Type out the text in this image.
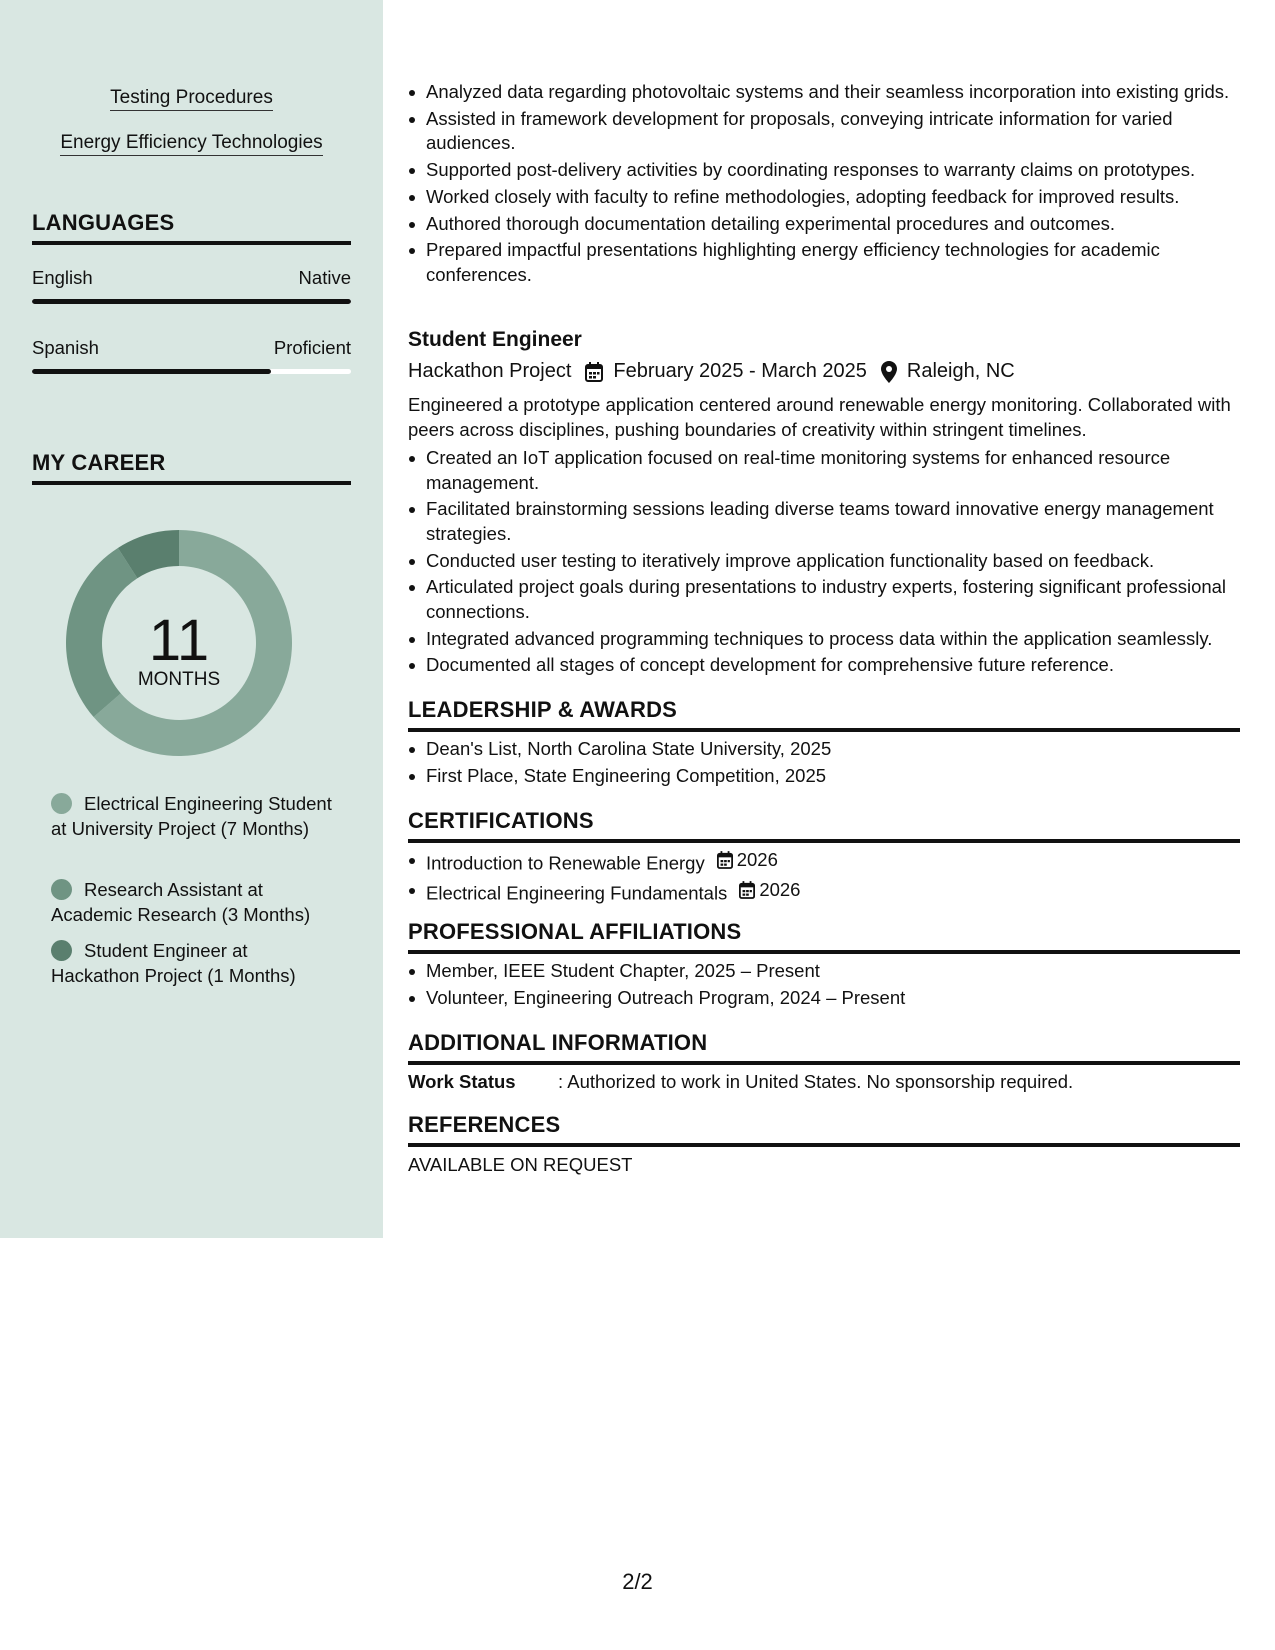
Testing Procedures
Energy Efficiency Technologies
LANGUAGES
English	Native
Spanish	Proficient
MY CAREER
11
MONTHS
Electrical Engineering Student at University Project (7 Months)
Research Assistant at Academic Research (3 Months)
Student Engineer at Hackathon Project (1 Months)
Analyzed data regarding photovoltaic systems and their seamless incorporation into existing grids.
Assisted in framework development for proposals, conveying intricate information for varied audiences.
Supported post-delivery activities by coordinating responses to warranty claims on prototypes.
Worked closely with faculty to refine methodologies, adopting feedback for improved results.
Authored thorough documentation detailing experimental procedures and outcomes.
Prepared impactful presentations highlighting energy efficiency technologies for academic conferences.
Student Engineer
Hackathon Project February 2025 - March 2025 Raleigh, NC
Engineered a prototype application centered around renewable energy monitoring. Collaborated with peers across disciplines, pushing boundaries of creativity within stringent timelines.
Created an IoT application focused on real-time monitoring systems for enhanced resource management.
Facilitated brainstorming sessions leading diverse teams toward innovative energy management strategies.
Conducted user testing to iteratively improve application functionality based on feedback.
Articulated project goals during presentations to industry experts, fostering significant professional connections.
Integrated advanced programming techniques to process data within the application seamlessly.
Documented all stages of concept development for comprehensive future reference.
LEADERSHIP & AWARDS
Dean's List, North Carolina State University, 2025
First Place, State Engineering Competition, 2025
CERTIFICATIONS
Introduction to Renewable Energy 2026
Electrical Engineering Fundamentals 2026
PROFESSIONAL AFFILIATIONS
Member, IEEE Student Chapter, 2025 – Present
Volunteer, Engineering Outreach Program, 2024 – Present
ADDITIONAL INFORMATION
Work Status	: Authorized to work in United States. No sponsorship required.
REFERENCES
AVAILABLE ON REQUEST
2/2
